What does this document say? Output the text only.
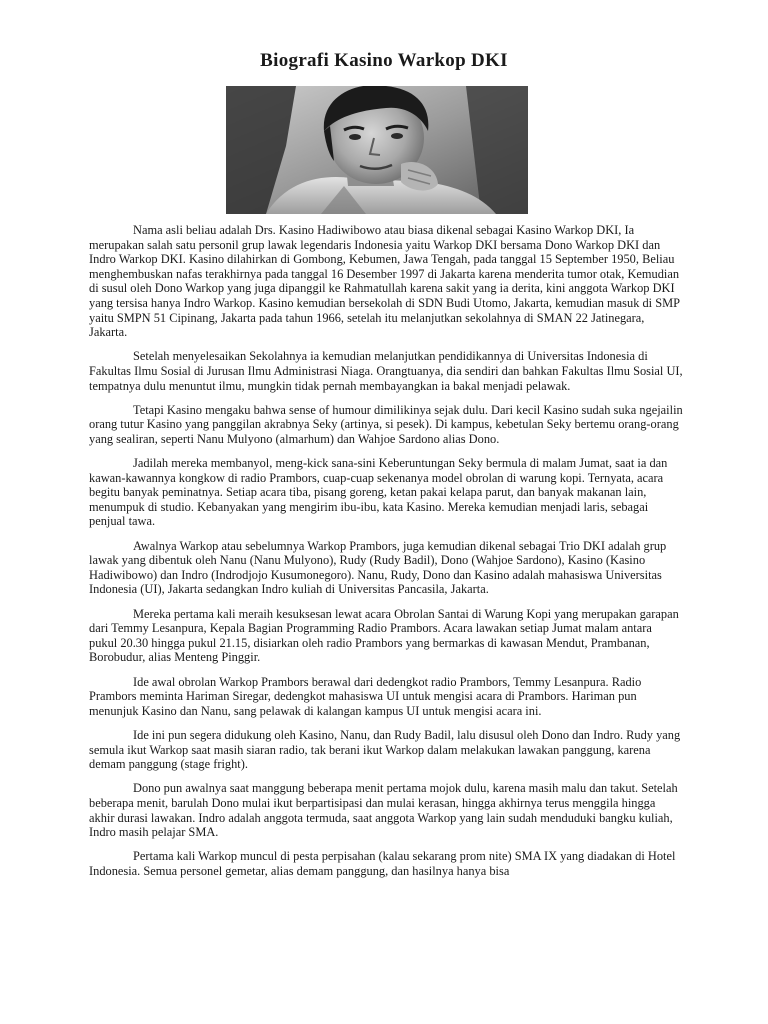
Biografi Kasino Warkop DKI

Nama asli beliau adalah Drs. Kasino Hadiwibowo atau biasa dikenal sebagai Kasino Warkop DKI, Ia merupakan salah satu personil grup lawak legendaris Indonesia yaitu Warkop DKI bersama Dono Warkop DKI dan Indro Warkop DKI. Kasino dilahirkan di Gombong, Kebumen, Jawa Tengah, pada tanggal 15 September 1950, Beliau menghembuskan nafas terakhirnya pada tanggal 16 Desember 1997 di Jakarta karena menderita tumor otak, Kemudian di susul oleh Dono Warkop yang juga dipanggil ke Rahmatullah karena sakit yang ia derita, kini anggota Warkop DKI yang tersisa hanya Indro Warkop. Kasino kemudian bersekolah di SDN Budi Utomo, Jakarta, kemudian masuk di SMP yaitu SMPN 51 Cipinang, Jakarta pada tahun 1966, setelah itu melanjutkan sekolahnya di SMAN 22 Jatinegara, Jakarta.

Setelah menyelesaikan Sekolahnya ia kemudian melanjutkan pendidikannya di Universitas Indonesia di Fakultas Ilmu Sosial di Jurusan Ilmu Administrasi Niaga. Orangtuanya, dia sendiri dan bahkan Fakultas Ilmu Sosial UI, tempatnya dulu menuntut ilmu, mungkin tidak pernah membayangkan ia bakal menjadi pelawak.

Tetapi Kasino mengaku bahwa sense of humour dimilikinya sejak dulu. Dari kecil Kasino sudah suka ngejailin orang tutur Kasino yang panggilan akrabnya Seky (artinya, si pesek). Di kampus, kebetulan Seky bertemu orang-orang yang sealiran, seperti Nanu Mulyono (almarhum) dan Wahjoe Sardono alias Dono.

Jadilah mereka membanyol, meng-kick sana-sini Keberuntungan Seky bermula di malam Jumat, saat ia dan kawan-kawannya kongkow di radio Prambors, cuap-cuap sekenanya model obrolan di warung kopi. Ternyata, acara begitu banyak peminatnya. Setiap acara tiba, pisang goreng, ketan pakai kelapa parut, dan banyak makanan lain, menumpuk di studio. Kebanyakan yang mengirim ibu-ibu, kata Kasino. Mereka kemudian menjadi laris, sebagai penjual tawa.

Awalnya Warkop atau sebelumnya Warkop Prambors, juga kemudian dikenal sebagai Trio DKI adalah grup lawak yang dibentuk oleh Nanu (Nanu Mulyono), Rudy (Rudy Badil), Dono (Wahjoe Sardono), Kasino (Kasino Hadiwibowo) dan Indro (Indrodjojo Kusumonegoro). Nanu, Rudy, Dono dan Kasino adalah mahasiswa Universitas Indonesia (UI), Jakarta sedangkan Indro kuliah di Universitas Pancasila, Jakarta.

Mereka pertama kali meraih kesuksesan lewat acara Obrolan Santai di Warung Kopi yang merupakan garapan dari Temmy Lesanpura, Kepala Bagian Programming Radio Prambors. Acara lawakan setiap Jumat malam antara pukul 20.30 hingga pukul 21.15, disiarkan oleh radio Prambors yang bermarkas di kawasan Mendut, Prambanan, Borobudur, alias Menteng Pinggir.

Ide awal obrolan Warkop Prambors berawal dari dedengkot radio Prambors, Temmy Lesanpura. Radio Prambors meminta Hariman Siregar, dedengkot mahasiswa UI untuk mengisi acara di Prambors. Hariman pun menunjuk Kasino dan Nanu, sang pelawak di kalangan kampus UI untuk mengisi acara ini.

Ide ini pun segera didukung oleh Kasino, Nanu, dan Rudy Badil, lalu disusul oleh Dono dan Indro. Rudy yang semula ikut Warkop saat masih siaran radio, tak berani ikut Warkop dalam melakukan lawakan panggung, karena demam panggung (stage fright).

Dono pun awalnya saat manggung beberapa menit pertama mojok dulu, karena masih malu dan takut. Setelah beberapa menit, barulah Dono mulai ikut berpartisipasi dan mulai kerasan, hingga akhirnya terus menggila hingga akhir durasi lawakan. Indro adalah anggota termuda, saat anggota Warkop yang lain sudah menduduki bangku kuliah, Indro masih pelajar SMA.

Pertama kali Warkop muncul di pesta perpisahan (kalau sekarang prom nite) SMA IX yang diadakan di Hotel Indonesia. Semua personel gemetar, alias demam panggung, dan hasilnya hanya bisa
